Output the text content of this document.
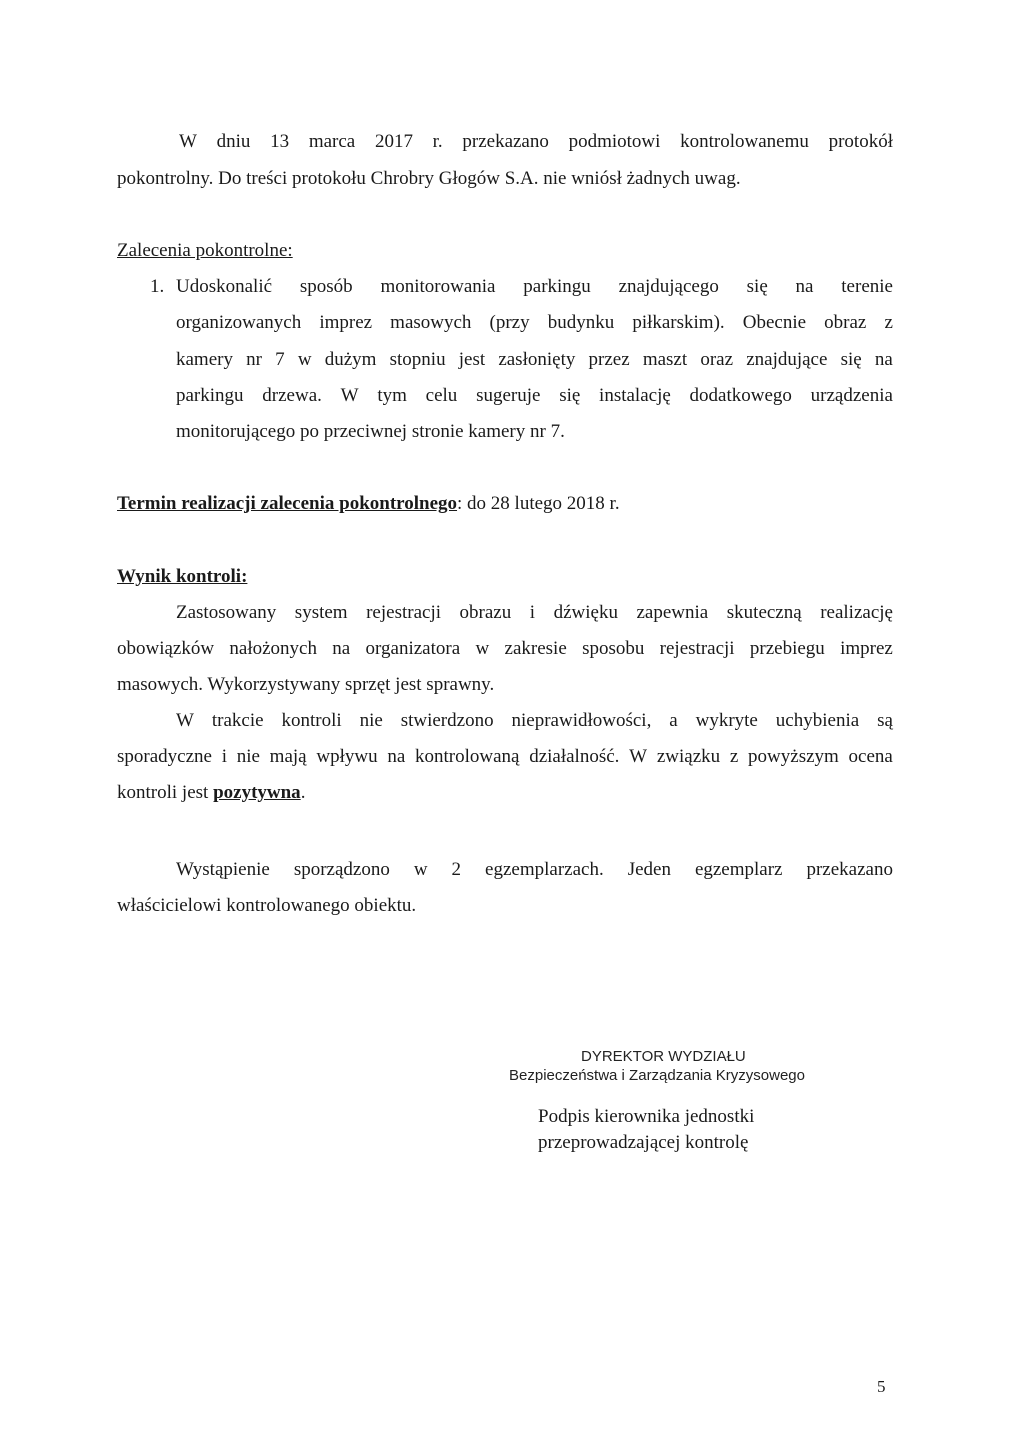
W dniu 13 marca 2017 r. przekazano podmiotowi kontrolowanemu protokół
pokontrolny. Do treści protokołu Chrobry Głogów S.A. nie wniósł żadnych uwag.
Zalecenia pokontrolne:
1. Udoskonalić sposób monitorowania parkingu znajdującego się na terenie
organizowanych imprez masowych (przy budynku piłkarskim). Obecnie obraz z
kamery nr 7 w dużym stopniu jest zasłonięty przez maszt oraz znajdujące się na
parkingu drzewa. W tym celu sugeruje się instalację dodatkowego urządzenia
monitorującego po przeciwnej stronie kamery nr 7.
Termin realizacji zalecenia pokontrolnego: do 28 lutego 2018 r.
Wynik kontroli:
Zastosowany system rejestracji obrazu i dźwięku zapewnia skuteczną realizację
obowiązków nałożonych na organizatora w zakresie sposobu rejestracji przebiegu imprez
masowych. Wykorzystywany sprzęt jest sprawny.
W trakcie kontroli nie stwierdzono nieprawidłowości, a wykryte uchybienia są
sporadyczne i nie mają wpływu na kontrolowaną działalność. W związku z powyższym ocena
kontroli jest pozytywna.
Wystąpienie sporządzono w 2 egzemplarzach. Jeden egzemplarz przekazano
właścicielowi kontrolowanego obiektu.
DYREKTOR WYDZIAŁU
Bezpieczeństwa i Zarządzania Kryzysowego
Podpis kierownika jednostki
przeprowadzającej kontrolę
5
